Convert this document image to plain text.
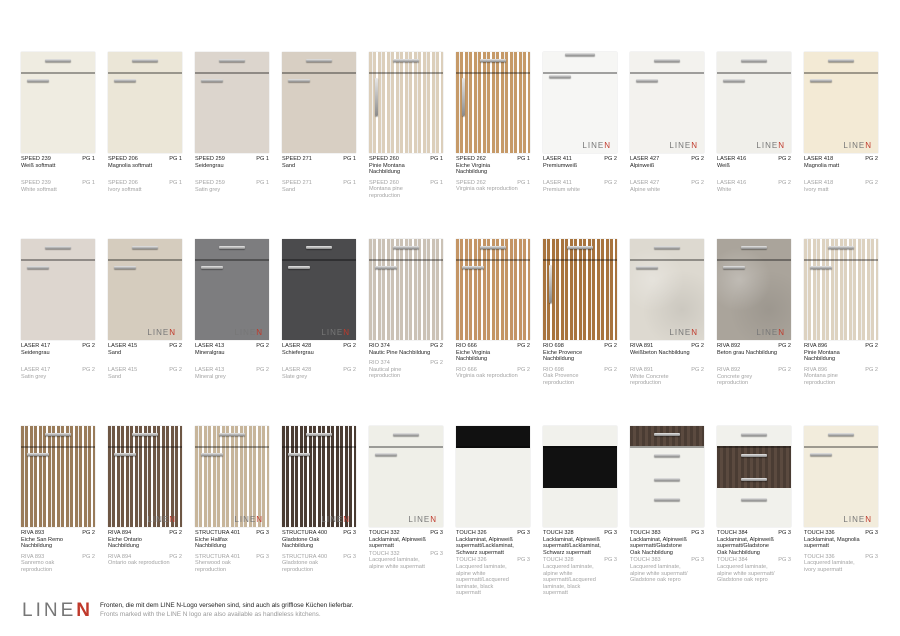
SPEED 239	PG 1
Weiß softmatt
SPEED 239	PG 1
White softmatt
SPEED 206	PG 1
Magnolia softmatt
SPEED 206	PG 1
Ivory softmatt
SPEED 259	PG 1
Seidengrau
SPEED 259	PG 1
Satin grey
SPEED 271	PG 1
Sand
SPEED 271	PG 1
Sand
SPEED 260	PG 1
Pinie Montana Nachbildung
SPEED 260	PG 1
Montana pine reproduction
SPEED 262	PG 1
Eiche Virginia Nachbildung
SPEED 262	PG 1
Virginia oak reproduction
LINEN
LASER 411	PG 2
Premiumweiß
LASER 411	PG 2
Premium white
LINEN
LASER 427	PG 2
Alpinweiß
LASER 427	PG 2
Alpine white
LINEN
LASER 416	PG 2
Weiß
LASER 416	PG 2
White
LINEN
LASER 418	PG 2
Magnolia matt
LASER 418	PG 2
Ivory matt
LASER 417	PG 2
Seidengrau
LASER 417	PG 2
Satin grey
LINEN
LASER 415	PG 2
Sand
LASER 415	PG 2
Sand
LINEN
LASER 413	PG 2
Mineralgrau
LASER 413	PG 2
Mineral grey
LINEN
LASER 428	PG 2
Schiefergrau
LASER 428	PG 2
Slate grey
RIO 374	PG 2
Nautic Pine Nachbildung
RIO 374	PG 2
Nautical pine reproduction
RIO 666	PG 2
Eiche Virginia Nachbildung
RIO 666	PG 2
Virginia oak reproduction
RIO 698	PG 2
Eiche Provence Nachbildung
RIO 698	PG 2
Oak Provence reproduction
LINEN
RIVA 891	PG 2
Weißbeton Nachbildung
RIVA 891	PG 2
White Concrete reproduction
LINEN
RIVA 892	PG 2
Beton grau Nachbildung
RIVA 892	PG 2
Concrete grey reproduction
RIVA 896	PG 2
Pinie Montana Nachbildung
RIVA 896	PG 2
Montana pine reproduction
RIVA 893	PG 2
Eiche San Remo Nachbildung
RIVA 893	PG 2
Sanremo oak reproduction
LINEN
RIVA 894	PG 2
Eiche Ontario Nachbildung
RIVA 894	PG 2
Ontario oak reproduction
LINEN
STRUCTURA 401	PG 3
Eiche Halifax Nachbildung
STRUCTURA 401	PG 3
Sherwood oak reproduction
LINEN
STRUCTURA 400	PG 3
Gladstone Oak Nachbildung
STRUCTURA 400	PG 3
Gladstone oak reproduction
LINEN
TOUCH 332	PG 3
Lacklaminat, Alpinweiß supermatt
TOUCH 332	PG 3
Lacquered laminate, alpine white supermatt
TOUCH 326	PG 3
Lacklaminat, Alpinweiß supermatt/Lacklaminat, Schwarz supermatt
TOUCH 326	PG 3
Lacquered laminate, alpine white supermatt/Lacquered laminate, black supermatt
TOUCH 328	PG 3
Lacklaminat, Alpinweiß supermatt/Lacklaminat, Schwarz supermatt
TOUCH 328	PG 3
Lacquered laminate, alpine white supermatt/Lacquered laminate, black supermatt
TOUCH 383	PG 3
Lacklaminat, Alpinweiß supermatt/Gladstone Oak Nachbildung
TOUCH 383	PG 3
Lacquered laminate, alpine white supermatt/ Gladstone oak repro
TOUCH 384	PG 3
Lacklaminat, Alpinweiß supermatt/Gladstone Oak Nachbildung
TOUCH 384	PG 3
Lacquered laminate, alpine white supermatt/ Gladstone oak repro
LINEN
TOUCH 336	PG 3
Lacklaminat, Magnolia supermatt
TOUCH 336	PG 3
Lacquered laminate, ivory supermatt
LINEN Fronten, die mit dem LINE N-Logo versehen sind, sind auch als grifflose Küchen lieferbar.
Fronts marked with the LINE N logo are also available as handleless kitchens.
